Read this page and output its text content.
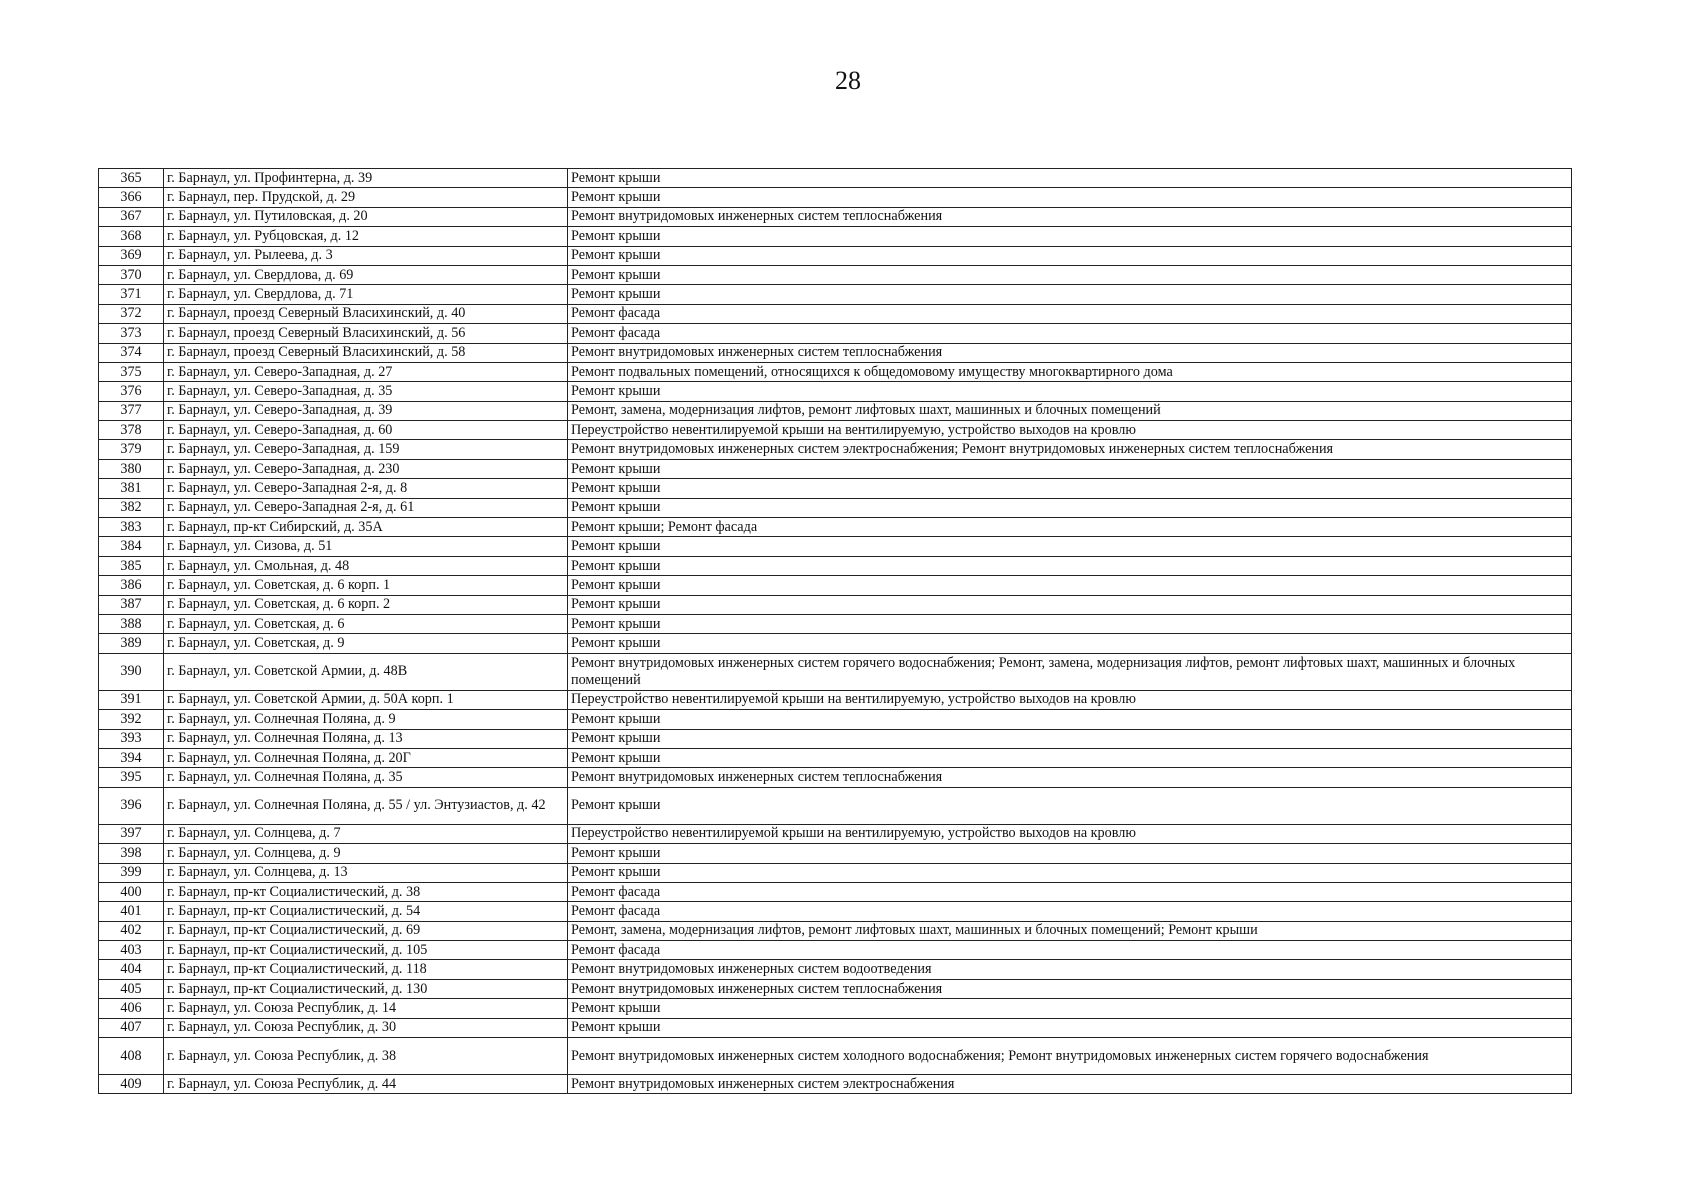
28
365	г. Барнаул, ул. Профинтерна, д. 39	Ремонт крыши
366	г. Барнаул, пер. Прудской, д. 29	Ремонт крыши
367	г. Барнаул, ул. Путиловская, д. 20	Ремонт внутридомовых инженерных систем теплоснабжения
368	г. Барнаул, ул. Рубцовская, д. 12	Ремонт крыши
369	г. Барнаул, ул. Рылеева, д. 3	Ремонт крыши
370	г. Барнаул, ул. Свердлова, д. 69	Ремонт крыши
371	г. Барнаул, ул. Свердлова, д. 71	Ремонт крыши
372	г. Барнаул, проезд Северный Власихинский, д. 40	Ремонт фасада
373	г. Барнаул, проезд Северный Власихинский, д. 56	Ремонт фасада
374	г. Барнаул, проезд Северный Власихинский, д. 58	Ремонт внутридомовых инженерных систем теплоснабжения
375	г. Барнаул, ул. Северо-Западная, д. 27	Ремонт подвальных помещений, относящихся к общедомовому имуществу многоквартирного дома
376	г. Барнаул, ул. Северо-Западная, д. 35	Ремонт крыши
377	г. Барнаул, ул. Северо-Западная, д. 39	Ремонт, замена, модернизация лифтов, ремонт лифтовых шахт, машинных и блочных помещений
378	г. Барнаул, ул. Северо-Западная, д. 60	Переустройство невентилируемой крыши на вентилируемую, устройство выходов на кровлю
379	г. Барнаул, ул. Северо-Западная, д. 159	Ремонт внутридомовых инженерных систем электроснабжения; Ремонт внутридомовых инженерных систем теплоснабжения
380	г. Барнаул, ул. Северо-Западная, д. 230	Ремонт крыши
381	г. Барнаул, ул. Северо-Западная 2-я, д. 8	Ремонт крыши
382	г. Барнаул, ул. Северо-Западная 2-я, д. 61	Ремонт крыши
383	г. Барнаул, пр-кт Сибирский, д. 35А	Ремонт крыши; Ремонт фасада
384	г. Барнаул, ул. Сизова, д. 51	Ремонт крыши
385	г. Барнаул, ул. Смольная, д. 48	Ремонт крыши
386	г. Барнаул, ул. Советская, д. 6 корп. 1	Ремонт крыши
387	г. Барнаул, ул. Советская, д. 6 корп. 2	Ремонт крыши
388	г. Барнаул, ул. Советская, д. 6	Ремонт крыши
389	г. Барнаул, ул. Советская, д. 9	Ремонт крыши
390	г. Барнаул, ул. Советской Армии, д. 48В	Ремонт внутридомовых инженерных систем горячего водоснабжения; Ремонт, замена, модернизация лифтов, ремонт лифтовых шахт, машинных и блочных помещений
391	г. Барнаул, ул. Советской Армии, д. 50А корп. 1	Переустройство невентилируемой крыши на вентилируемую, устройство выходов на кровлю
392	г. Барнаул, ул. Солнечная Поляна, д. 9	Ремонт крыши
393	г. Барнаул, ул. Солнечная Поляна, д. 13	Ремонт крыши
394	г. Барнаул, ул. Солнечная Поляна, д. 20Г	Ремонт крыши
395	г. Барнаул, ул. Солнечная Поляна, д. 35	Ремонт внутридомовых инженерных систем теплоснабжения
396	г. Барнаул, ул. Солнечная Поляна, д. 55 / ул. Энтузиастов, д. 42	Ремонт крыши
397	г. Барнаул, ул. Солнцева, д. 7	Переустройство невентилируемой крыши на вентилируемую, устройство выходов на кровлю
398	г. Барнаул, ул. Солнцева, д. 9	Ремонт крыши
399	г. Барнаул, ул. Солнцева, д. 13	Ремонт крыши
400	г. Барнаул, пр-кт Социалистический, д. 38	Ремонт фасада
401	г. Барнаул, пр-кт Социалистический, д. 54	Ремонт фасада
402	г. Барнаул, пр-кт Социалистический, д. 69	Ремонт, замена, модернизация лифтов, ремонт лифтовых шахт, машинных и блочных помещений; Ремонт крыши
403	г. Барнаул, пр-кт Социалистический, д. 105	Ремонт фасада
404	г. Барнаул, пр-кт Социалистический, д. 118	Ремонт внутридомовых инженерных систем водоотведения
405	г. Барнаул, пр-кт Социалистический, д. 130	Ремонт внутридомовых инженерных систем теплоснабжения
406	г. Барнаул, ул. Союза Республик, д. 14	Ремонт крыши
407	г. Барнаул, ул. Союза Республик, д. 30	Ремонт крыши
408	г. Барнаул, ул. Союза Республик, д. 38	Ремонт внутридомовых инженерных систем холодного водоснабжения; Ремонт внутридомовых инженерных систем горячего водоснабжения
409	г. Барнаул, ул. Союза Республик, д. 44	Ремонт внутридомовых инженерных систем электроснабжения
